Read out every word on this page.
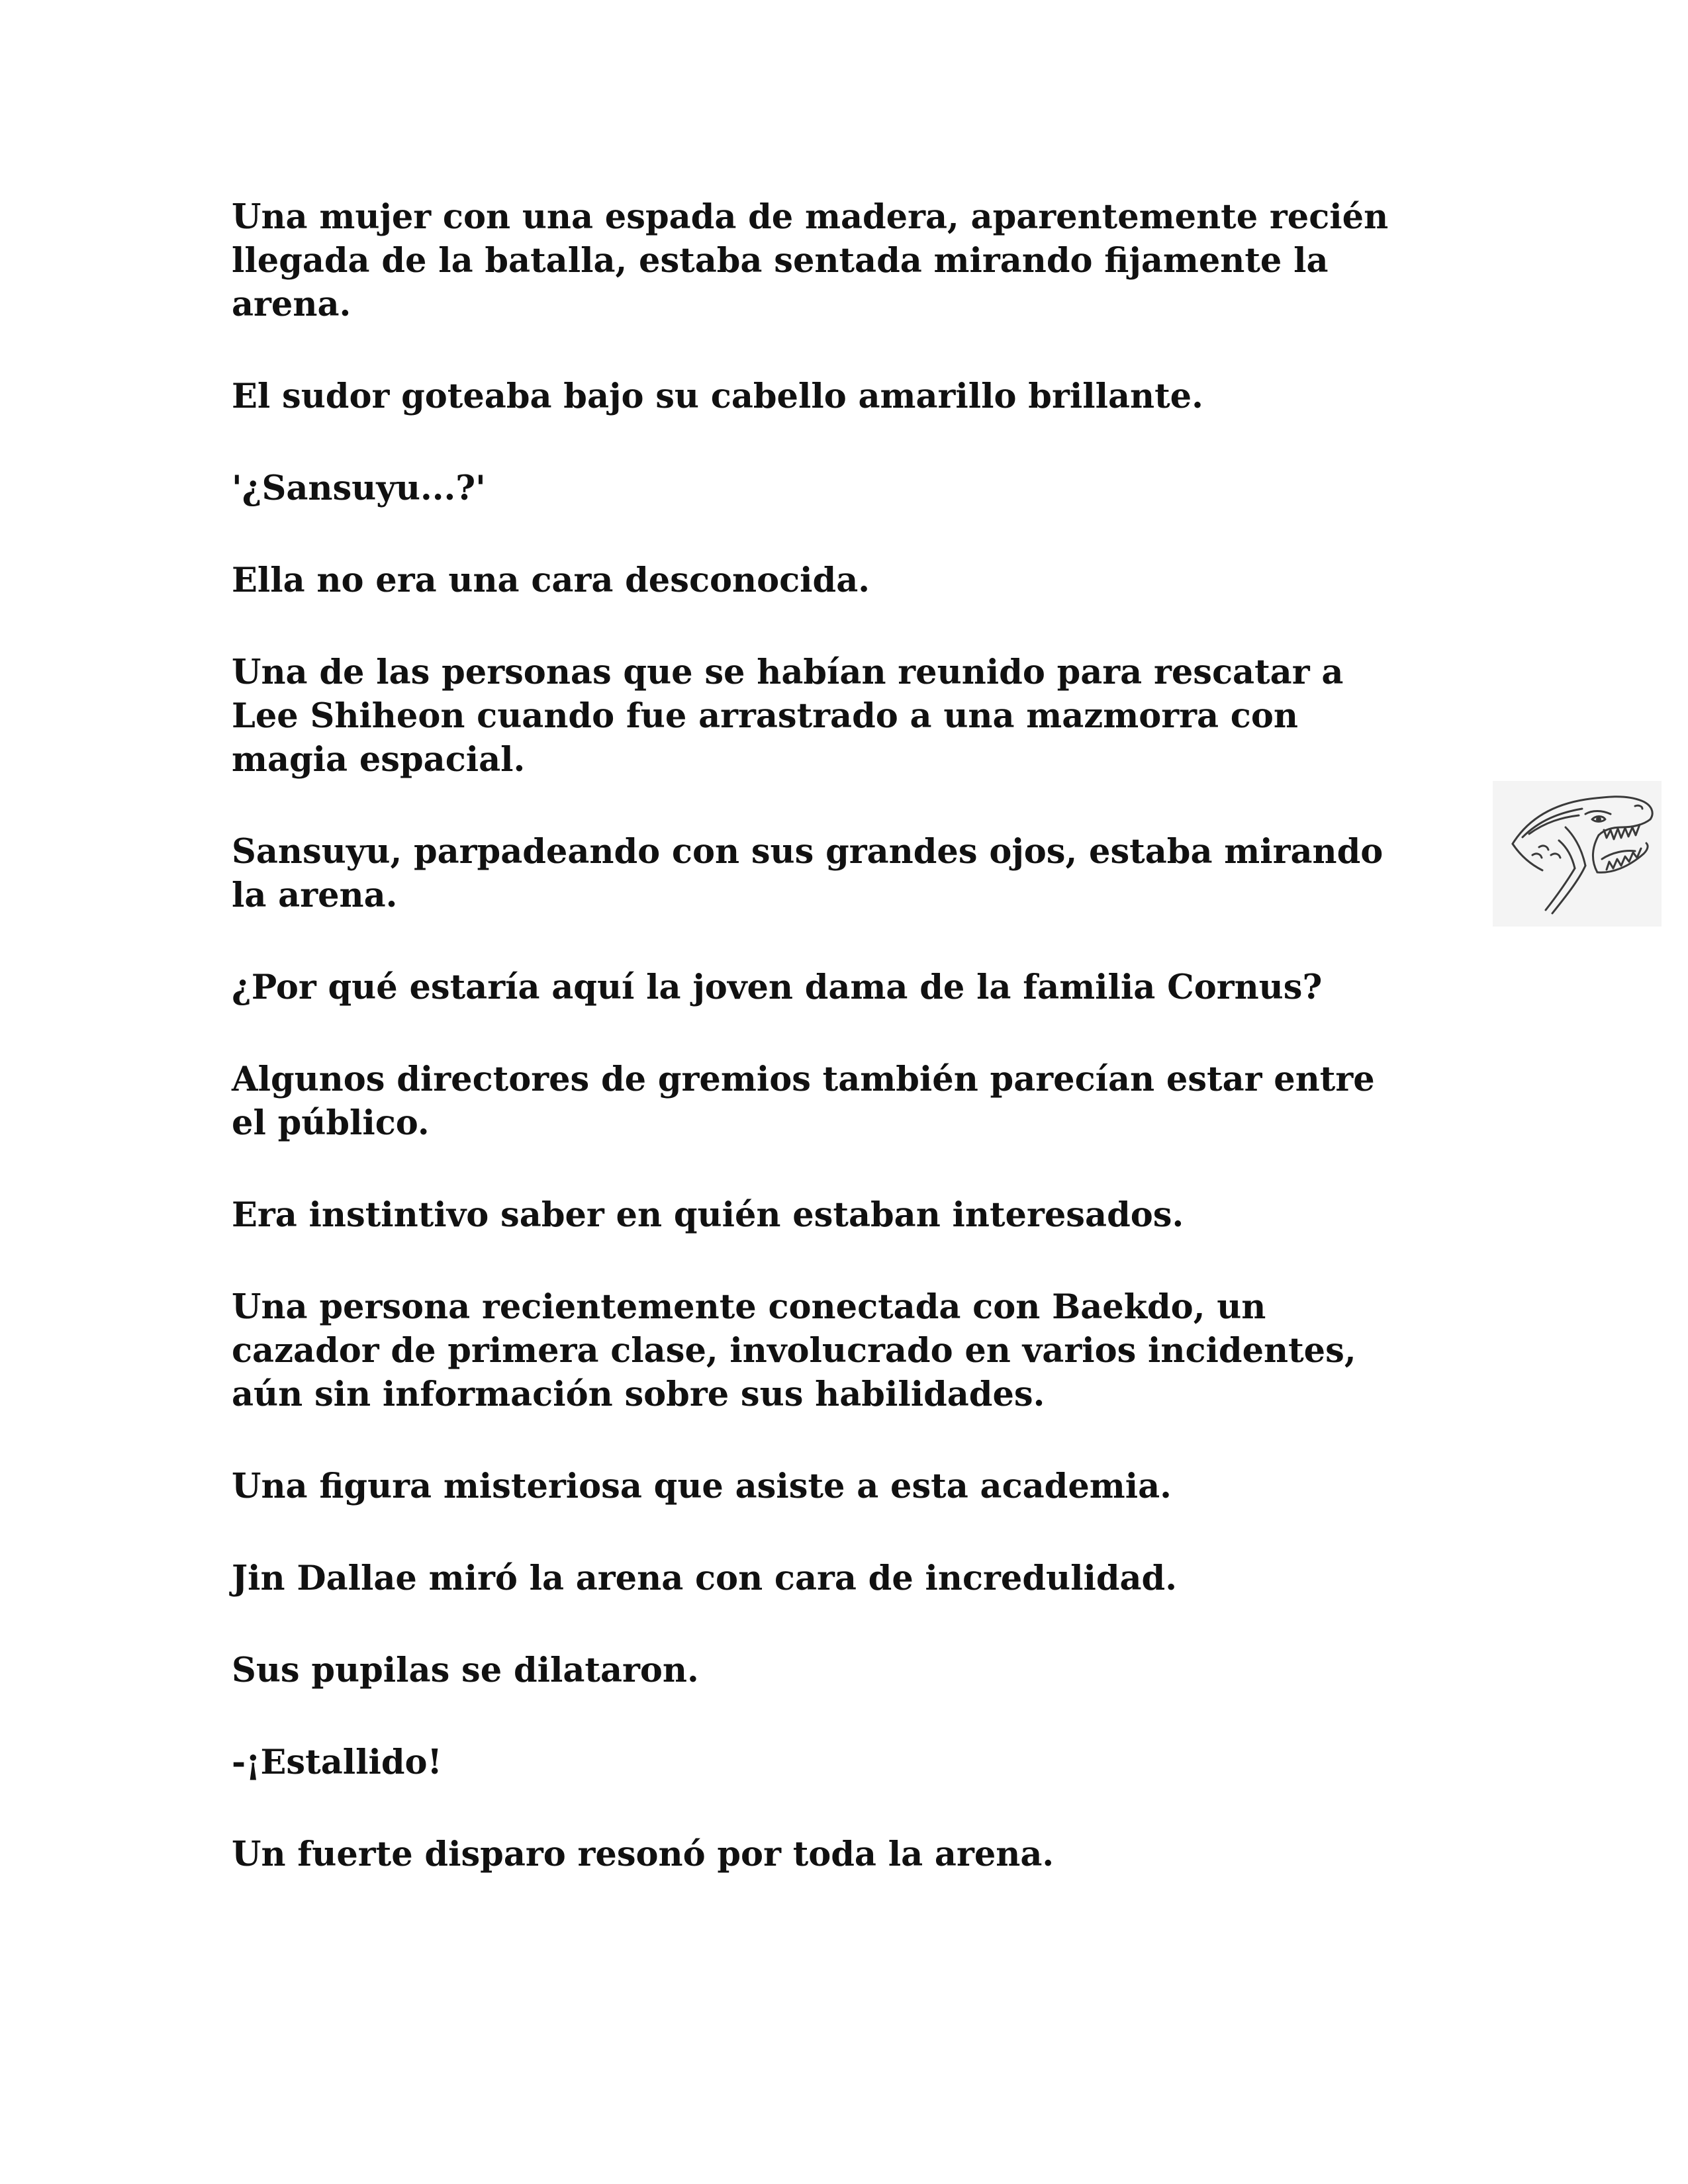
Una mujer con una espada de madera, aparentemente recién
llegada de la batalla, estaba sentada mirando fijamente la
arena.

El sudor goteaba bajo su cabello amarillo brillante.

'¿Sansuyu...?'

Ella no era una cara desconocida.

Una de las personas que se habían reunido para rescatar a
Lee Shiheon cuando fue arrastrado a una mazmorra con
magia espacial.

Sansuyu, parpadeando con sus grandes ojos, estaba mirando
la arena.

¿Por qué estaría aquí la joven dama de la familia Cornus?

Algunos directores de gremios también parecían estar entre
el público.

Era instintivo saber en quién estaban interesados.

Una persona recientemente conectada con Baekdo, un
cazador de primera clase, involucrado en varios incidentes,
aún sin información sobre sus habilidades.

Una figura misteriosa que asiste a esta academia.

Jin Dallae miró la arena con cara de incredulidad.

Sus pupilas se dilataron.

-¡Estallido!

Un fuerte disparo resonó por toda la arena.
